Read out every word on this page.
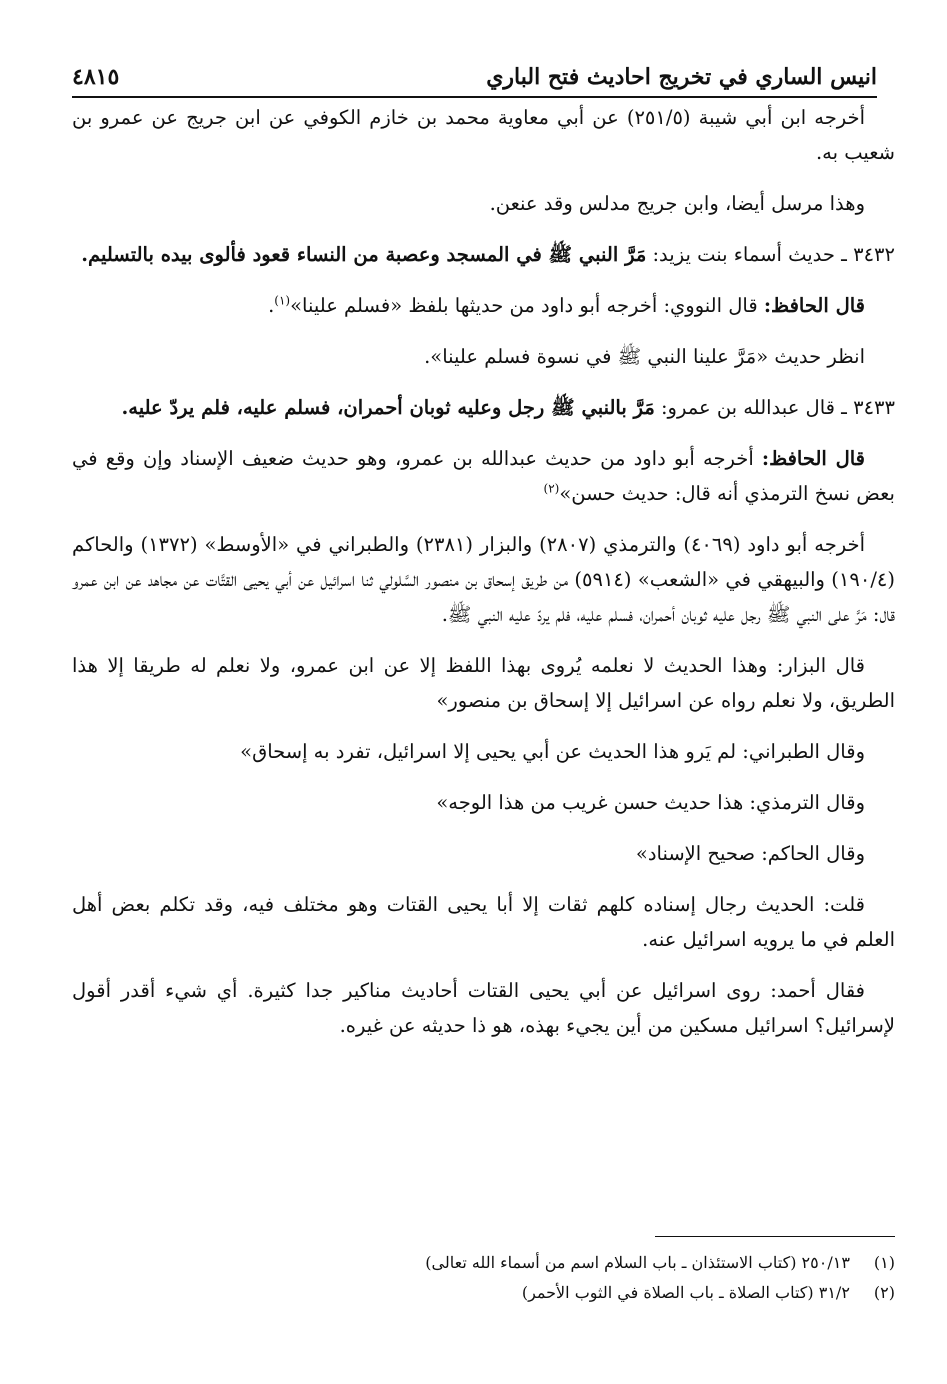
انيس الساري في تخريج احاديث فتح الباري
٤٨١٥

أخرجه ابن أبي شيبة (٢٥١/٥) عن أبي معاوية محمد بن خازم الكوفي عن ابن جريج عن عمرو بن شعيب به.

وهذا مرسل أيضا، وابن جريج مدلس وقد عنعن.

٣٤٣٢ ـ حديث أسماء بنت يزيد: مَرَّ النبي ﷺ في المسجد وعصبة من النساء قعود فألوى بيده بالتسليم.

قال الحافظ: قال النووي: أخرجه أبو داود من حديثها بلفظ «فسلم علينا»$^{(١)}$.

انظر حديث «مَرَّ علينا النبي ﷺ في نسوة فسلم علينا».

٣٤٣٣ ـ قال عبدالله بن عمرو: مَرَّ بالنبي ﷺ رجل وعليه ثوبان أحمران، فسلم عليه، فلم يردّ عليه.

قال الحافظ: أخرجه أبو داود من حديث عبدالله بن عمرو، وهو حديث ضعيف الإسناد وإن وقع في بعض نسخ الترمذي أنه قال: حديث حسن»$^{(٢)}$

أخرجه أبو داود (٤٠٦٩) والترمذي (٢٨٠٧) والبزار (٢٣٨١) والطبراني في «الأوسط» (١٣٧٢) والحاكم (١٩٠/٤) والبيهقي في «الشعب» (٥٩١٤) من طريق إسحاق بن منصور السَّلولي ثنا اسرائيل عن أبي يحيى القتَّات عن مجاهد عن ابن عمرو قال: مَرَّ على النبي ﷺ رجل عليه ثوبان أحمران، فسلم عليه، فلم يردّ عليه النبي ﷺ.

قال البزار: وهذا الحديث لا نعلمه يُروى بهذا اللفظ إلا عن ابن عمرو، ولا نعلم له طريقا إلا هذا الطريق، ولا نعلم رواه عن اسرائيل إلا إسحاق بن منصور»

وقال الطبراني: لم يَرو هذا الحديث عن أبي يحيى إلا اسرائيل، تفرد به إسحاق»

وقال الترمذي: هذا حديث حسن غريب من هذا الوجه»

وقال الحاكم: صحيح الإسناد»

قلت: الحديث رجال إسناده كلهم ثقات إلا أبا يحيى القتات وهو مختلف فيه، وقد تكلم بعض أهل العلم في ما يرويه اسرائيل عنه.

فقال أحمد: روى اسرائيل عن أبي يحيى القتات أحاديث مناكير جدا كثيرة. أي شيء أقدر أقول لإسرائيل؟ اسرائيل مسكين من أين يجيء بهذه، هو ذا حديثه عن غيره.

(١) ٢٥٠/١٣ (كتاب الاستئذان ـ باب السلام اسم من أسماء الله تعالى)
(٢) ٣١/٢ (كتاب الصلاة ـ باب الصلاة في الثوب الأحمر)
